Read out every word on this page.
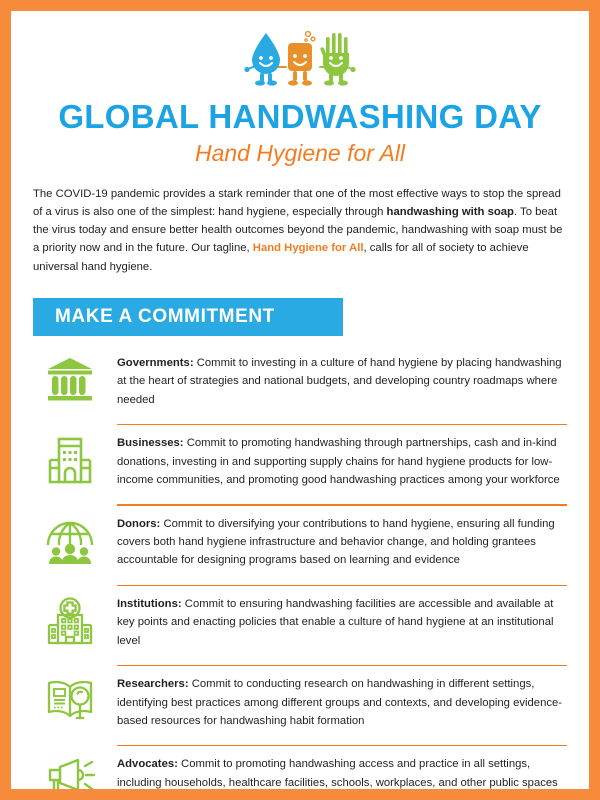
GLOBAL HANDWASHING DAY
Hand Hygiene for All

The COVID-19 pandemic provides a stark reminder that one of the most effective ways to stop the spread of a virus is also one of the simplest: hand hygiene, especially through handwashing with soap. To beat the virus today and ensure better health outcomes beyond the pandemic, handwashing with soap must be a priority now and in the future. Our tagline, Hand Hygiene for All, calls for all of society to achieve universal hand hygiene.

MAKE A COMMITMENT

Governments: Commit to investing in a culture of hand hygiene by placing handwashing at the heart of strategies and national budgets, and developing country roadmaps where needed

Businesses: Commit to promoting handwashing through partnerships, cash and in-kind donations, investing in and supporting supply chains for hand hygiene products for low-income communities, and promoting good handwashing practices among your workforce

Donors: Commit to diversifying your contributions to hand hygiene, ensuring all funding covers both hand hygiene infrastructure and behavior change, and holding grantees accountable for designing programs based on learning and evidence

Institutions: Commit to ensuring handwashing facilities are accessible and available at key points and enacting policies that enable a culture of hand hygiene at an institutional level

Researchers: Commit to conducting research on handwashing in different settings, identifying best practices among different groups and contexts, and developing evidence-based resources for handwashing habit formation

Advocates: Commit to promoting handwashing access and practice in all settings, including households, healthcare facilities, schools, workplaces, and other public spaces
